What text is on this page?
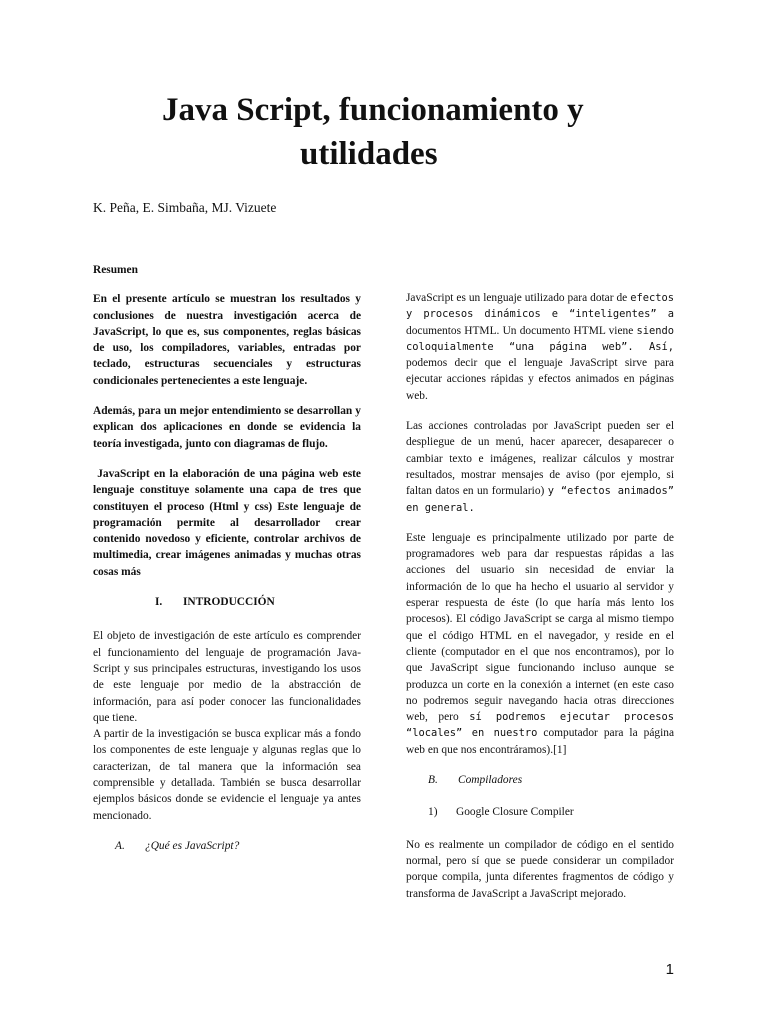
Java Script, funcionamiento y
utilidades
K. Peña, E. Simbaña, MJ. Vizuete
Resumen

En el presente artículo se muestran los resultados y conclusiones de nuestra investigación acerca de JavaScript, lo que es, sus componentes, reglas básicas de uso, los compiladores, variables, entradas por teclado, estructuras secuenciales y estructuras condicionales pertenecientes a este lenguaje.

Además, para un mejor entendimiento se desarrollan y explican dos aplicaciones en donde se evidencia la teoría investigada, junto con diagramas de flujo.

JavaScript en la elaboración de una página web este lenguaje constituye solamente una capa de tres que constituyen el proceso (Html y css) Este lenguaje de programación permite al desarrollador crear contenido novedoso y eficiente, controlar archivos de multimedia, crear imágenes animadas y muchas otras cosas más

I.	INTRODUCCIÓN

El objeto de investigación de este artículo es comprender el funcionamiento del lenguaje de programación Java-Script y sus principales estructuras, investigando los usos de este lenguaje por medio de la abstracción de información, para así poder conocer las funcionalidades que tiene.

A partir de la investigación se busca explicar más a fondo los componentes de este lenguaje y algunas reglas que lo caracterizan, de tal manera que la información sea comprensible y detallada. También se busca desarrollar ejemplos básicos donde se evidencie el lenguaje ya antes mencionado.

A.	¿Qué es JavaScript?

JavaScript es un lenguaje utilizado para dotar de efectos y procesos dinámicos e “inteligentes” a documentos HTML. Un documento HTML viene siendo coloquialmente “una página web”. Así, podemos decir que el lenguaje JavaScript sirve para ejecutar acciones rápidas y efectos animados en páginas web.

Las acciones controladas por JavaScript pueden ser el despliegue de un menú, hacer aparecer, desaparecer o cambiar texto e imágenes, realizar cálculos y mostrar resultados, mostrar mensajes de aviso (por ejemplo, si faltan datos en un formulario) y “efectos animados” en general.

Este lenguaje es principalmente utilizado por parte de programadores web para dar respuestas rápidas a las acciones del usuario sin necesidad de enviar la información de lo que ha hecho el usuario al servidor y esperar respuesta de éste (lo que haría más lento los procesos). El código JavaScript se carga al mismo tiempo que el código HTML en el navegador, y reside en el cliente (computador en el que nos encontramos), por lo que JavaScript sigue funcionando incluso aunque se produzca un corte en la conexión a internet (en este caso no podremos seguir navegando hacia otras direcciones web, pero sí podremos ejecutar procesos “locales” en nuestro computador para la página web en que nos encontráramos).[1]

B.	Compiladores
1)	Google Closure Compiler

No es realmente un compilador de código en el sentido normal, pero sí que se puede considerar un compilador porque compila, junta diferentes fragmentos de código y transforma de JavaScript a JavaScript mejorado.

1
